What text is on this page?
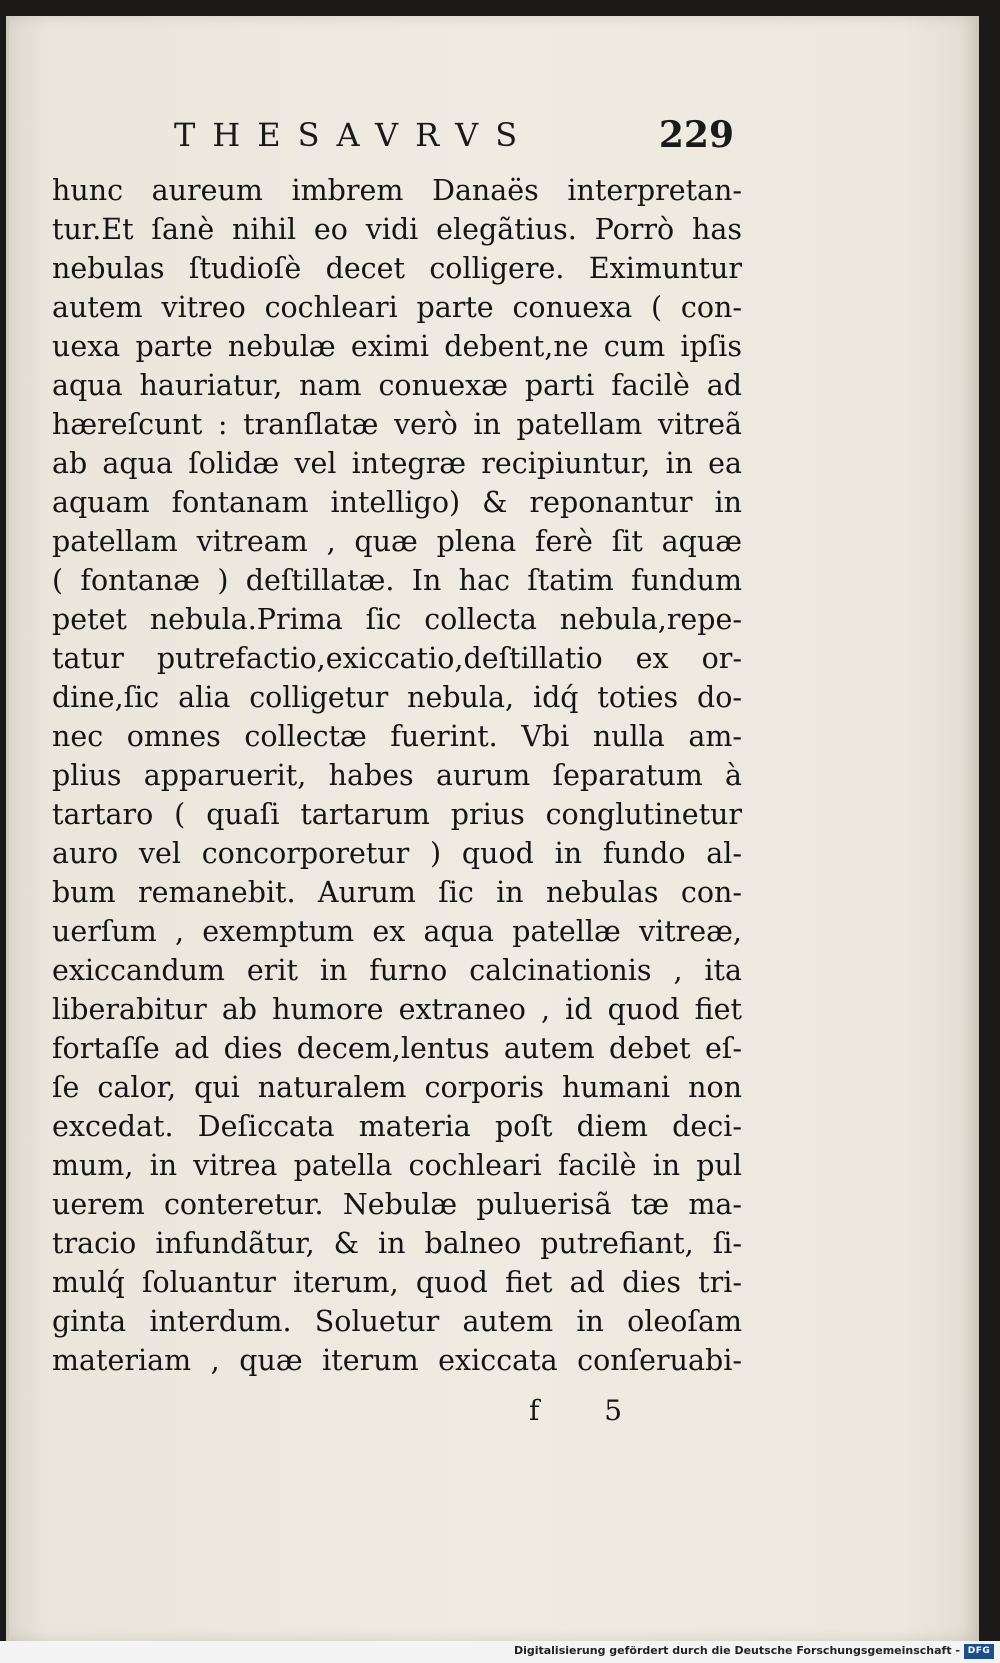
THESAVRVS	229
hunc aureum imbrem Danaës interpretan-
tur.Et ſanè nihil eo vidi elegãtius. Porrò has
nebulas ſtudioſè decet colligere. Eximuntur
autem vitreo cochleari parte conuexa ( con-
uexa parte nebulæ eximi debent,ne cum ipſis
aqua hauriatur, nam conuexæ parti facilè ad
hæreſcunt : tranſlatæ verò in patellam vitreã
ab aqua ſolidæ vel integræ recipiuntur, in ea
aquam fontanam intelligo) & reponantur in
patellam vitream , quæ plena ferè ſit aquæ
( fontanæ ) deſtillatæ. In hac ſtatim fundum
petet nebula.Prima ſic collecta nebula,repe-
tatur putrefactio,exiccatio,deſtillatio ex or-
dine,ſic alia colligetur nebula, idq́ toties do-
nec omnes collectæ fuerint. Vbi nulla am-
plius apparuerit, habes aurum ſeparatum à
tartaro ( quaſi tartarum prius conglutinetur
auro vel concorporetur ) quod in fundo al-
bum remanebit. Aurum ſic in nebulas con-
uerſum , exemptum ex aqua patellæ vitreæ,
exiccandum erit in furno calcinationis , ita
liberabitur ab humore extraneo , id quod fiet
fortaſſe ad dies decem,lentus autem debet eſ-
ſe calor, qui naturalem corporis humani non
excedat. Deſiccata materia poſt diem deci-
mum, in vitrea patella cochleari facilè in pul
uerem conteretur. Nebulæ puluerisã tæ ma-
tracio infundãtur, & in balneo putrefiant, ſi-
mulq́ ſoluantur iterum, quod fiet ad dies tri-
ginta interdum. Soluetur autem in oleoſam
materiam , quæ iterum exiccata conſeruabi-
f 5
Digitalisierung gefördert durch die Deutsche Forschungsgemeinschaft - DFG
